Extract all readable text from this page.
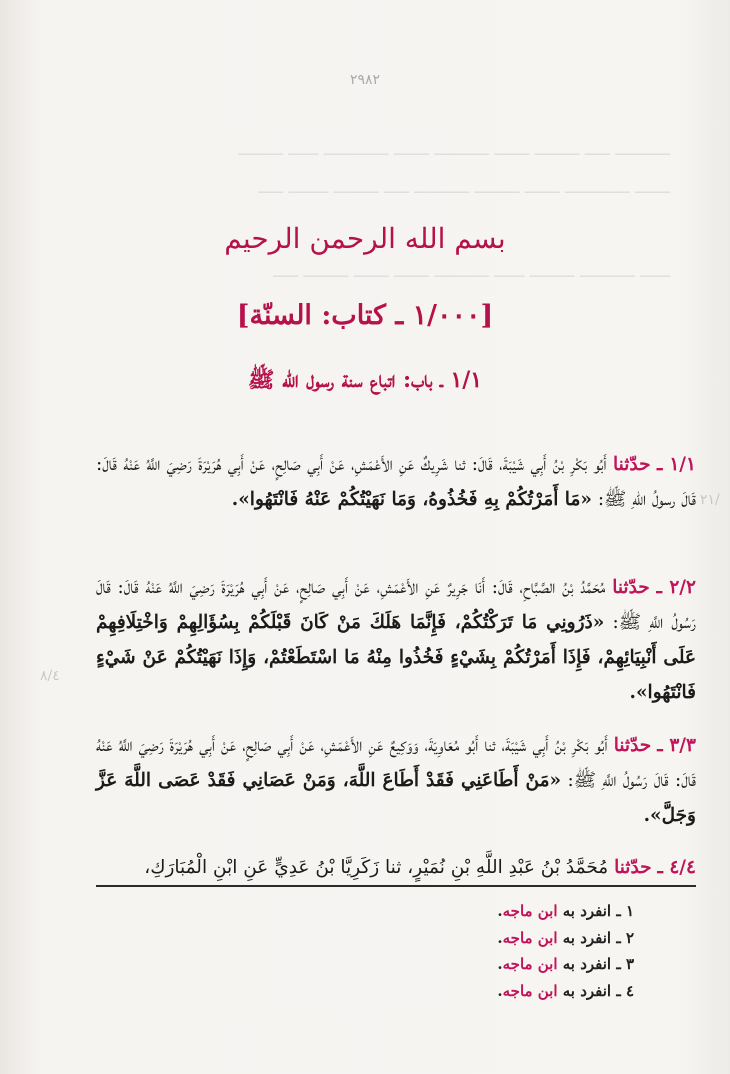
٢٩٨٢
ـــــــــــ ـــــ ـــــــــ ـــــــ ـــــــــــ ـــــــ ـــــــــــــ ــــــ ـــــــــ
ـــــــ ـــــــــــــ ـــــــ ـــــــــ ـــــــــــ ـــــ ـــــــــ ــــــــ ـــــ
ــــــ ـــــــــــ ـــــــــ ــــــ ـــــــــــ ـــــــ ـــــــ ـــــــــ ـــــ
بسم الله الرحمن الرحيم
[١/٠٠٠ ـ كتاب: السنّة]
١/١ ـ باب: اتباع سنة رسول الله ﷺ
١/١ ـ حدّثنا أَبُو بَكْرِ بْنُ أَبِي شَيْبَةَ، قَالَ: ثنا شَرِيكٌ عَنِ الأَعْمَشِ، عَنْ أَبِي صَالِحٍ، عَنْ أَبِي هُرَيْرَةَ رَضِيَ اللَّهُ عَنْهُ قَالَ: قَالَ رسولُ اللهِ ﷺ: «مَا أَمَرْتُكُمْ بِهِ فَخُذُوهُ، وَمَا نَهَيْتُكُمْ عَنْهُ فَانْتَهُوا».
٢/٢ ـ حدّثنا مُحَمَّدُ بْنُ الصَّبَّاحِ، قَالَ: أَنَا جَرِيرٌ عَنِ الأَعْمَشِ، عَنْ أَبِي صَالِحٍ، عَنْ أَبِي هُرَيْرَةَ رَضِيَ اللَّهُ عَنْهُ قَالَ: قَالَ رَسُولُ اللَّهِ ﷺ: «ذَرُونِي مَا تَرَكْتُكُمْ، فَإِنَّمَا هَلَكَ مَنْ كَانَ قَبْلَكُمْ بِسُؤَالِهِمْ وَاخْتِلَافِهِمْ عَلَى أَنْبِيَائِهِمْ، فَإِذَا أَمَرْتُكُمْ بِشَيْءٍ فَخُذُوا مِنْهُ مَا اسْتَطَعْتُمْ، وَإِذَا نَهَيْتُكُمْ عَنْ شَيْءٍ فَانْتَهُوا».
٣/٣ ـ حدّثنا أَبُو بَكْرِ بْنُ أَبِي شَيْبَةَ، ثنا أَبُو مُعَاوِيَةَ، وَوَكِيعٌ عَنِ الأَعْمَشِ، عَنْ أَبِي صَالِحٍ، عَنْ أَبِي هُرَيْرَةَ رَضِيَ اللَّهُ عَنْهُ قَالَ: قَالَ رَسُولُ اللَّهِ ﷺ: «مَنْ أَطَاعَنِي فَقَدْ أَطَاعَ اللَّهَ، وَمَنْ عَصَانِي فَقَدْ عَصَى اللَّهَ عَزَّ وَجَلَّ».
٤/٤ ـ حدّثنا مُحَمَّدُ بْنُ عَبْدِ اللَّهِ بْنِ نُمَيْرٍ، ثنا زَكَرِيَّا بْنُ عَدِيٍّ عَنِ ابْنِ الْمُبَارَكِ،
١ ـ انفرد به ابن ماجه.
٢ ـ انفرد به ابن ماجه.
٣ ـ انفرد به ابن ماجه.
٤ ـ انفرد به ابن ماجه.
٢١/
٨/٤
